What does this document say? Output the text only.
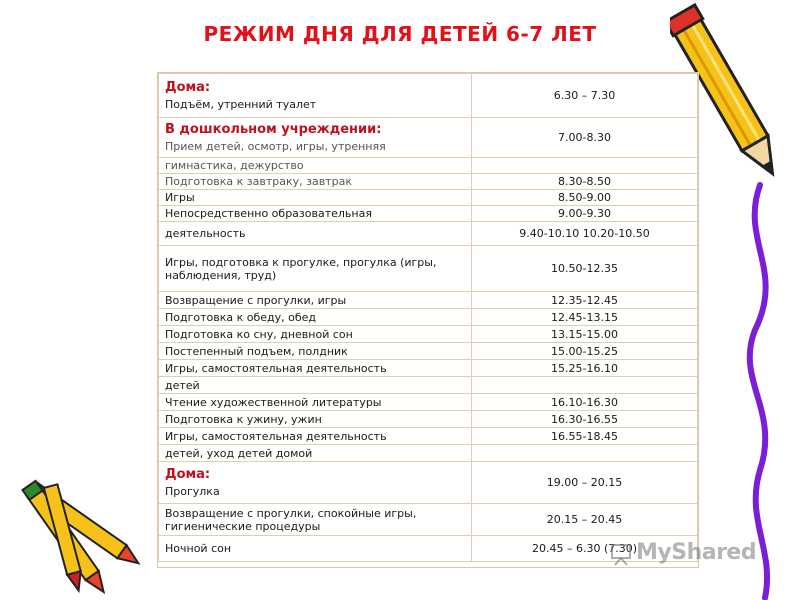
РЕЖИМ ДНЯ ДЛЯ ДЕТЕЙ 6-7 ЛЕТ
Дома:
Подъём, утренний туалет	6.30 – 7.30

В дошкольном учреждении:
Прием детей, осмотр, игры, утренняя	7.00-8.30
гимнастика, дежурство	
Подготовка к завтраку, завтрак	8.30-8.50
Игры	8.50-9.00
Непосредственно образовательная	9.00-9.30
деятельность	9.40-10.10 10.20-10.50
Игры, подготовка к прогулке, прогулка (игры, наблюдения, труд)	10.50-12.35
Возвращение с прогулки, игры	12.35-12.45
Подготовка к обеду, обед	12.45-13.15
Подготовка ко сну, дневной сон	13.15-15.00
Постепенный подъем, полдник	15.00-15.25
Игры, самостоятельная деятельность	15.25-16.10
детей	
Чтение художественной литературы	16.10-16.30
Подготовка к ужину, ужин	16.30-16.55
Игры, самостоятельная деятельность	16.55-18.45
детей, уход детей домой	

Дома:
Прогулка	19.00 – 20.15
Возвращение с прогулки, спокойные игры, гигиенические процедуры	20.15 – 20.45
Ночной сон	20.45 – 6.30 (7.30)
MyShared
